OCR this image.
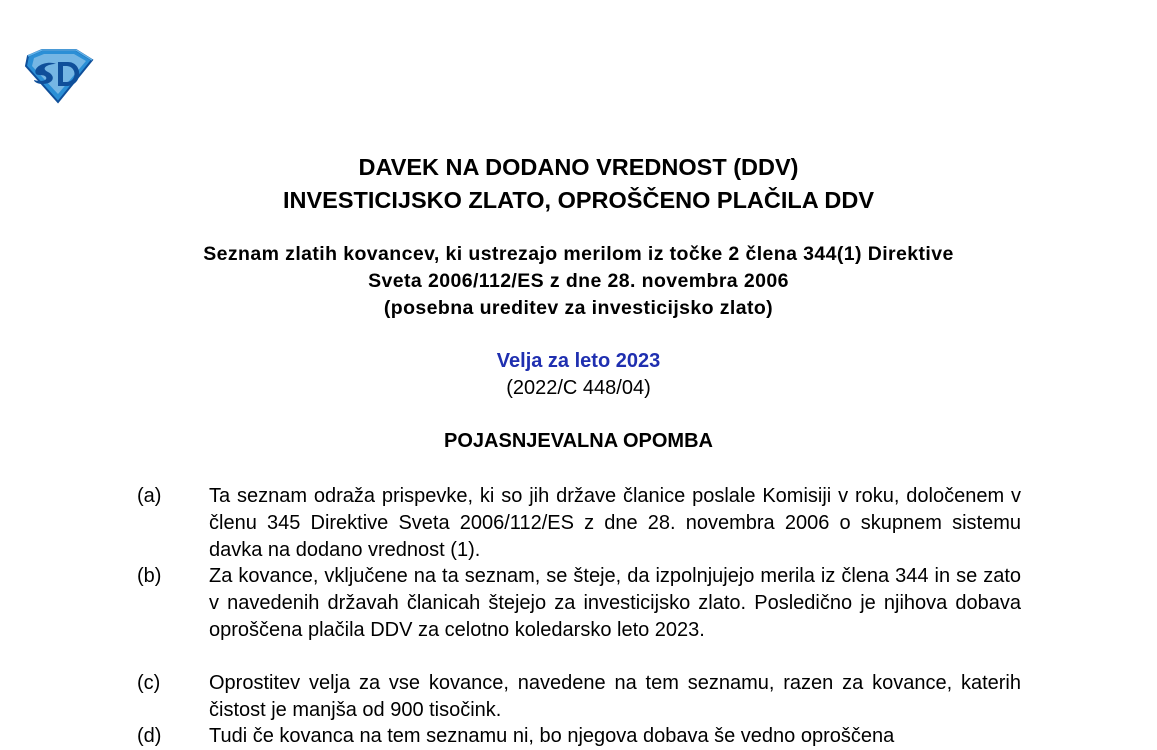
DAVEK NA DODANO VREDNOST (DDV)
INVESTICIJSKO ZLATO, OPROŠČENO PLAČILA DDV
Seznam zlatih kovancev, ki ustrezajo merilom iz točke 2 člena 344(1) Direktive
Sveta 2006/112/ES z dne 28. novembra 2006
(posebna ureditev za investicijsko zlato)
Velja za leto 2023
(2022/C 448/04)
POJASNJEVALNA OPOMBA
(a) Ta seznam odraža prispevke, ki so jih države članice poslale Komisiji v roku, določenem v členu 345 Direktive Sveta 2006/112/ES z dne 28. novembra 2006 o skupnem sistemu davka na dodano vrednost (1).
(b) Za kovance, vključene na ta seznam, se šteje, da izpolnjujejo merila iz člena 344 in se zato v navedenih državah članicah štejejo za investicijsko zlato. Posledično je njihova dobava oproščena plačila DDV za celotno koledarsko leto 2023.
(c) Oprostitev velja za vse kovance, navedene na tem seznamu, razen za kovance, katerih čistost je manjša od 900 tisočink.
(d) Tudi če kovanca na tem seznamu ni, bo njegova dobava še vedno oproščena
